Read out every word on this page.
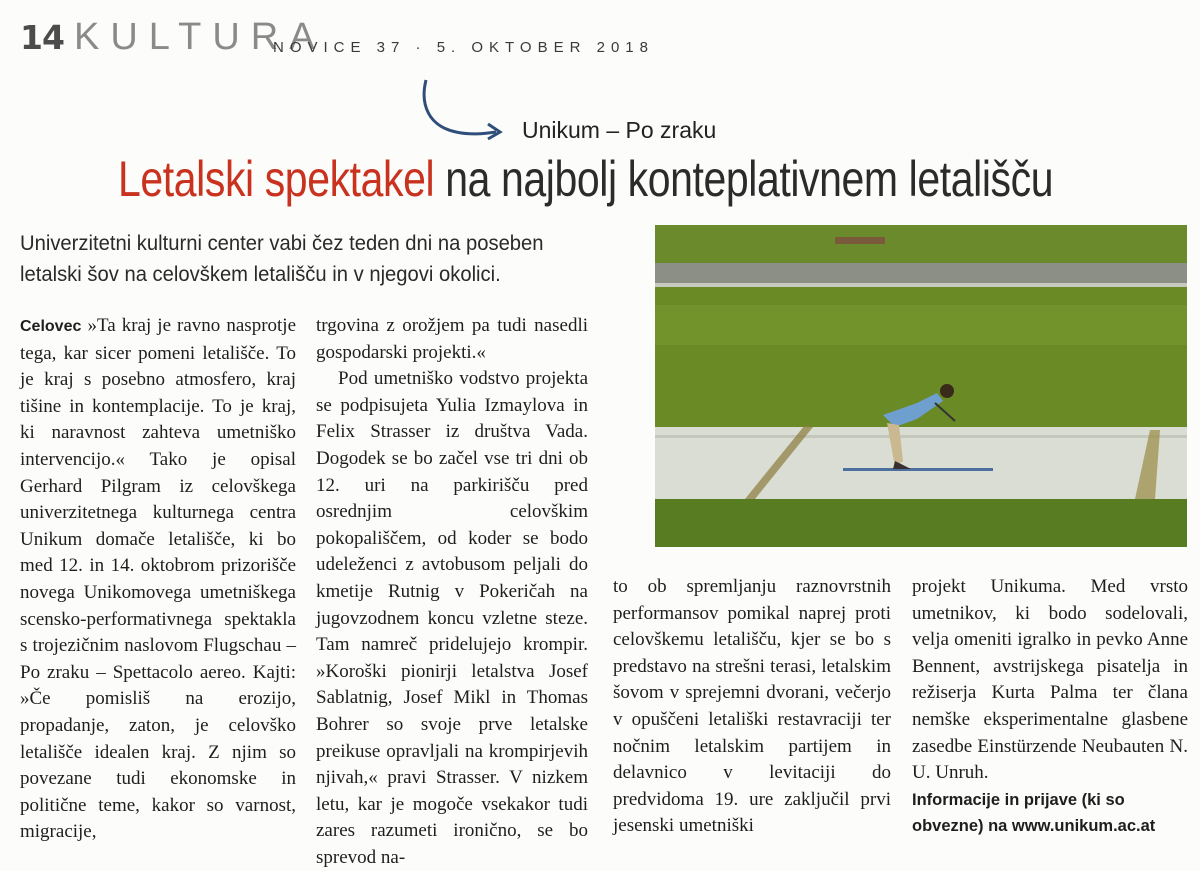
14 KULTURA
NOVICE 37 · 5. OKTOBER 2018
Unikum – Po zraku
Letalski spektakel na najbolj konteplativnem letališču
Univerzitetni kulturni center vabi čez teden dni na poseben letalski šov na celovškem letališču in v njegovi okolici.

Celovec »Ta kraj je ravno nasprotje tega, kar sicer pomeni letališče. To je kraj s posebno atmosfero, kraj tišine in kontemplacije. To je kraj, ki naravnost zahteva umetniško intervencijo.« Tako je opisal Gerhard Pilgram iz celovškega univerzitetnega kulturnega centra Unikum domače letališče, ki bo med 12. in 14. oktobrom prizorišče novega Unikomovega umetniškega scensko-performativnega spektakla s trojezičnim naslovom Flugschau – Po zraku – Spettacolo aereo. Kajti: »Če pomisliš na erozijo, propadanje, zaton, je celovško letališče idealen kraj. Z njim so povezane tudi ekonomske in politične teme, kakor so varnost, migracije,

trgovina z orožjem pa tudi nasedli gospodarski projekti.«

Pod umetniško vodstvo projekta se podpisujeta Yulia Izmaylova in Felix Strasser iz društva Vada. Dogodek se bo začel vse tri dni ob 12. uri na parkirišču pred osrednjim celovškim pokopališčem, od koder se bodo udeleženci z avtobusom peljali do kmetije Rutnig v Pokeričah na jugovzodnem koncu vzletne steze. Tam namreč pridelujejo krompir. »Koroški pionirji letalstva Josef Sablatnig, Josef Mikl in Thomas Bohrer so svoje prve letalske preikuse opravljali na krompirjevih njivah,« pravi Strasser. V nizkem letu, kar je mogoče vsekakor tudi zares razumeti ironično, se bo sprevod na-

to ob spremljanju raznovrstnih performansov pomikal naprej proti celovškemu letališču, kjer se bo s predstavo na strešni terasi, letalskim šovom v sprejemni dvorani, večerjo v opuščeni letališki restavraciji ter nočnim letalskim partijem in delavnico v levitaciji do predvidoma 19. ure zaključil prvi jesenski umetniški

projekt Unikuma. Med vrsto umetnikov, ki bodo sodelovali, velja omeniti igralko in pevko Anne Bennent, avstrijskega pisatelja in režiserja Kurta Palma ter člana nemške eksperimentalne glasbene zasedbe Einstürzende Neubauten N. U. Unruh.

Informacije in prijave (ki so obvezne) na www.unikum.ac.at
